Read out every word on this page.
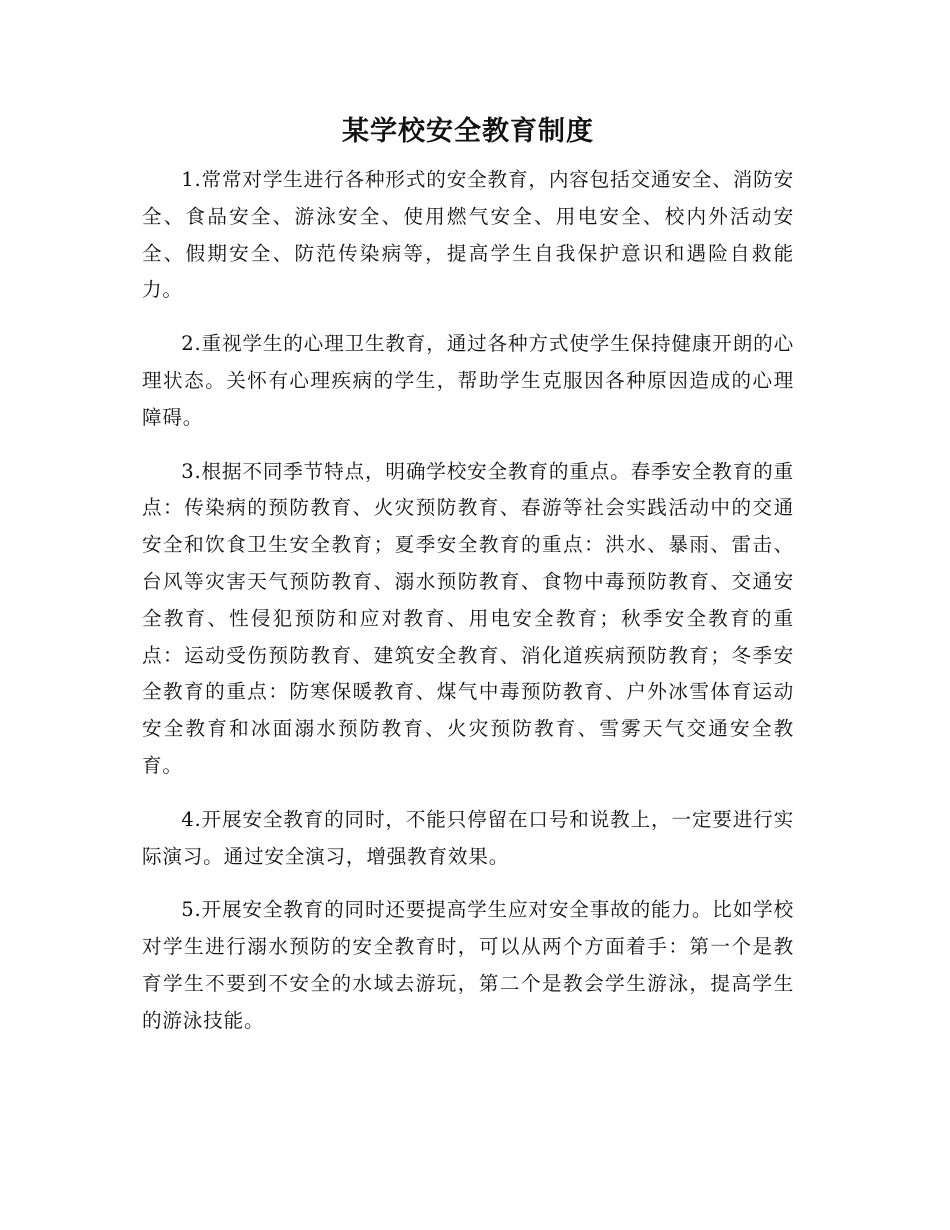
某学校安全教育制度

1.常常对学生进行各种形式的安全教育，内容包括交通安全、消防安全、食品安全、游泳安全、使用燃气安全、用电安全、校内外活动安全、假期安全、防范传染病等，提高学生自我保护意识和遇险自救能力。

2.重视学生的心理卫生教育，通过各种方式使学生保持健康开朗的心理状态。关怀有心理疾病的学生，帮助学生克服因各种原因造成的心理障碍。

3.根据不同季节特点，明确学校安全教育的重点。春季安全教育的重点：传染病的预防教育、火灾预防教育、春游等社会实践活动中的交通安全和饮食卫生安全教育；夏季安全教育的重点：洪水、暴雨、雷击、台风等灾害天气预防教育、溺水预防教育、食物中毒预防教育、交通安全教育、性侵犯预防和应对教育、用电安全教育；秋季安全教育的重点：运动受伤预防教育、建筑安全教育、消化道疾病预防教育；冬季安全教育的重点：防寒保暖教育、煤气中毒预防教育、户外冰雪体育运动安全教育和冰面溺水预防教育、火灾预防教育、雪雾天气交通安全教育。

4.开展安全教育的同时，不能只停留在口号和说教上，一定要进行实际演习。通过安全演习，增强教育效果。

5.开展安全教育的同时还要提高学生应对安全事故的能力。比如学校对学生进行溺水预防的安全教育时，可以从两个方面着手：第一个是教育学生不要到不安全的水域去游玩，第二个是教会学生游泳，提高学生的游泳技能。
